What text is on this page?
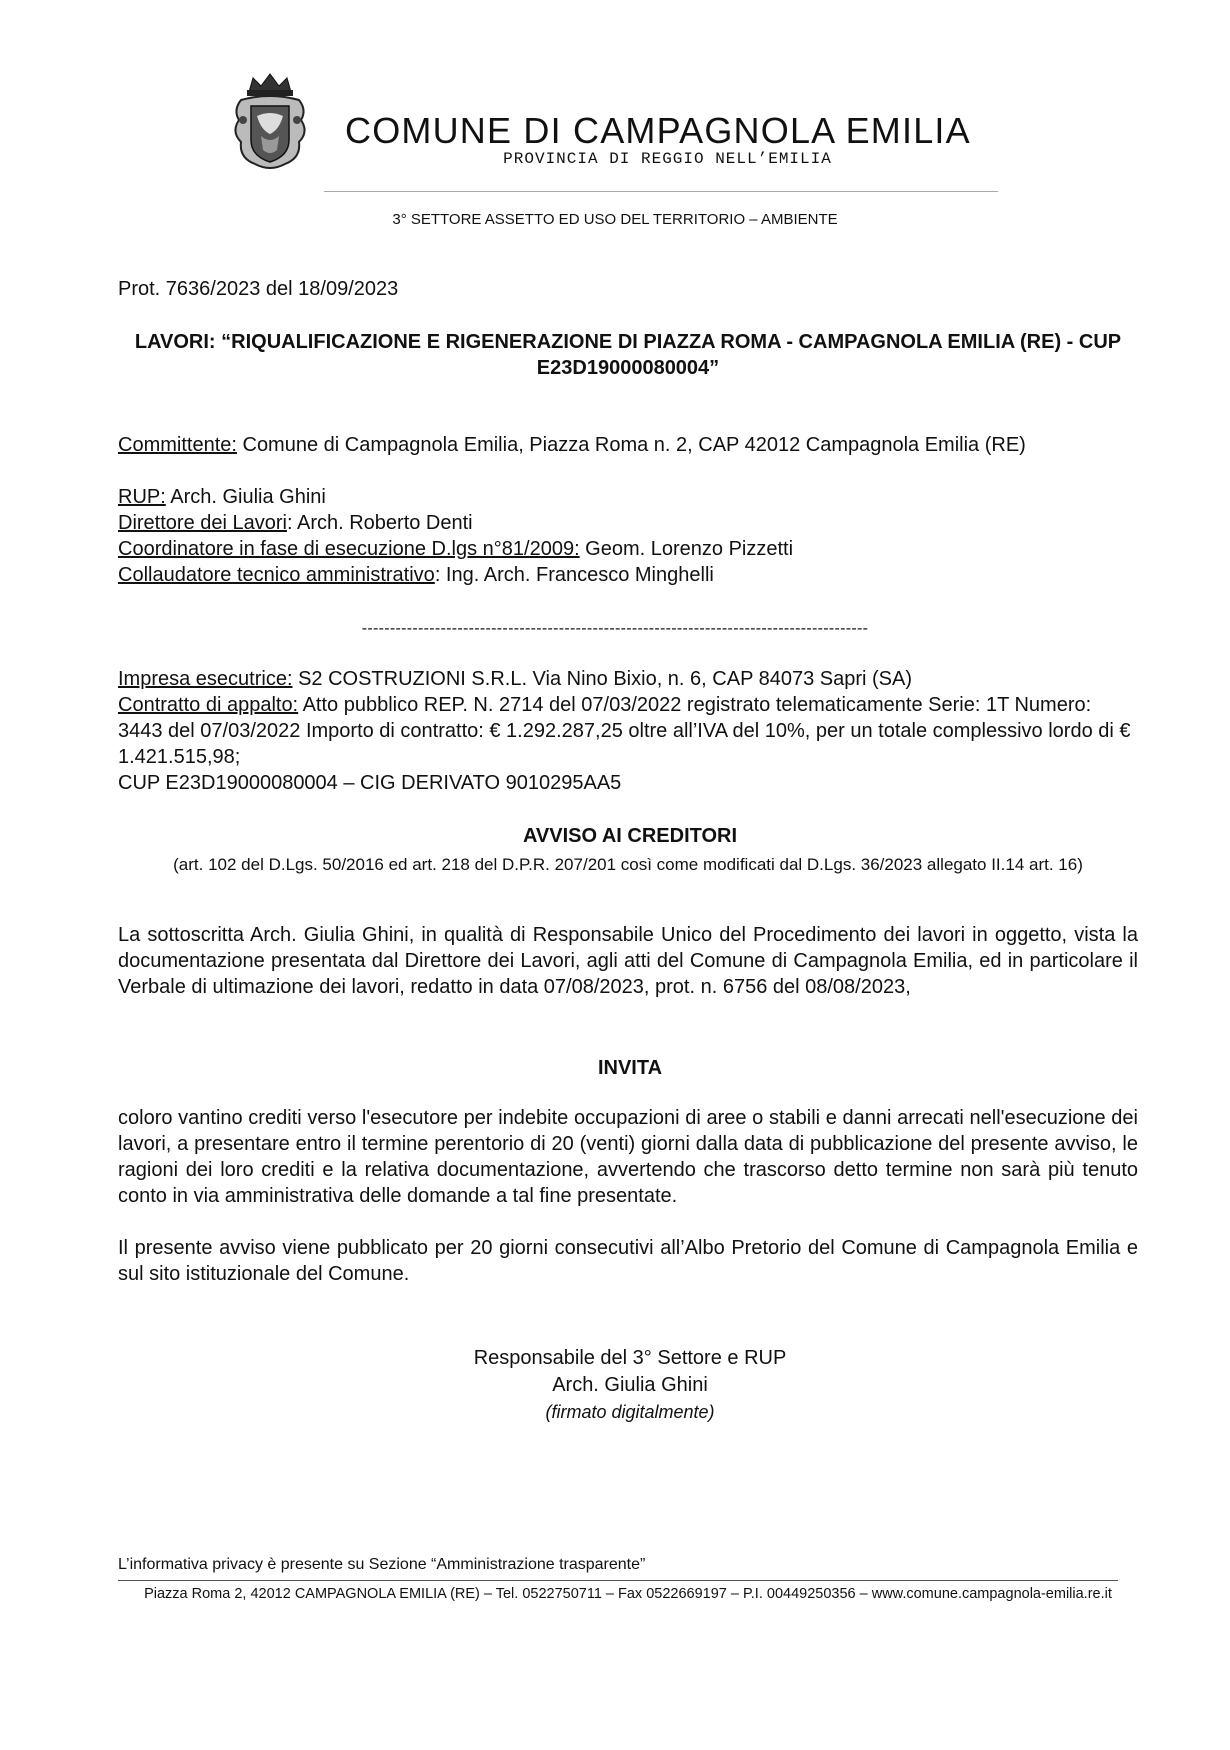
COMUNE DI CAMPAGNOLA EMILIA
PROVINCIA DI REGGIO NELL’EMILIA
3° SETTORE ASSETTO ED USO DEL TERRITORIO – AMBIENTE
Prot. 7636/2023 del 18/09/2023
LAVORI: “RIQUALIFICAZIONE E RIGENERAZIONE DI PIAZZA ROMA - CAMPAGNOLA EMILIA (RE) - CUP E23D19000080004”
Committente: Comune di Campagnola Emilia, Piazza Roma n. 2, CAP 42012 Campagnola Emilia (RE)
RUP: Arch. Giulia Ghini
Direttore dei Lavori: Arch. Roberto Denti
Coordinatore in fase di esecuzione D.lgs n°81/2009: Geom. Lorenzo Pizzetti
Collaudatore tecnico amministrativo: Ing. Arch. Francesco Minghelli
------------------------------------------------------------------------------------------
Impresa esecutrice: S2 COSTRUZIONI S.R.L. Via Nino Bixio, n. 6, CAP 84073 Sapri (SA)
Contratto di appalto: Atto pubblico REP. N. 2714 del 07/03/2022 registrato telematicamente Serie: 1T Numero: 3443 del 07/03/2022 Importo di contratto: € 1.292.287,25 oltre all’IVA del 10%, per un totale complessivo lordo di € 1.421.515,98;
CUP E23D19000080004 – CIG DERIVATO 9010295AA5
AVVISO AI CREDITORI
(art. 102 del D.Lgs. 50/2016 ed art. 218 del D.P.R. 207/201 così come modificati dal D.Lgs. 36/2023 allegato II.14 art. 16)
La sottoscritta Arch. Giulia Ghini, in qualità di Responsabile Unico del Procedimento dei lavori in oggetto, vista la documentazione presentata dal Direttore dei Lavori, agli atti del Comune di Campagnola Emilia, ed in particolare il Verbale di ultimazione dei lavori, redatto in data 07/08/2023, prot. n. 6756 del 08/08/2023,
INVITA
coloro vantino crediti verso l'esecutore per indebite occupazioni di aree o stabili e danni arrecati nell'esecuzione dei lavori, a presentare entro il termine perentorio di 20 (venti) giorni dalla data di pubblicazione del presente avviso, le ragioni dei loro crediti e la relativa documentazione, avvertendo che trascorso detto termine non sarà più tenuto conto in via amministrativa delle domande a tal fine presentate.
Il presente avviso viene pubblicato per 20 giorni consecutivi all’Albo Pretorio del Comune di Campagnola Emilia e sul sito istituzionale del Comune.
Responsabile del 3° Settore e RUP
Arch. Giulia Ghini
(firmato digitalmente)
L’informativa privacy è presente su Sezione “Amministrazione trasparente”
Piazza Roma 2, 42012 CAMPAGNOLA EMILIA (RE) – Tel. 0522750711 – Fax 0522669197 – P.I. 00449250356 – www.comune.campagnola-emilia.re.it
